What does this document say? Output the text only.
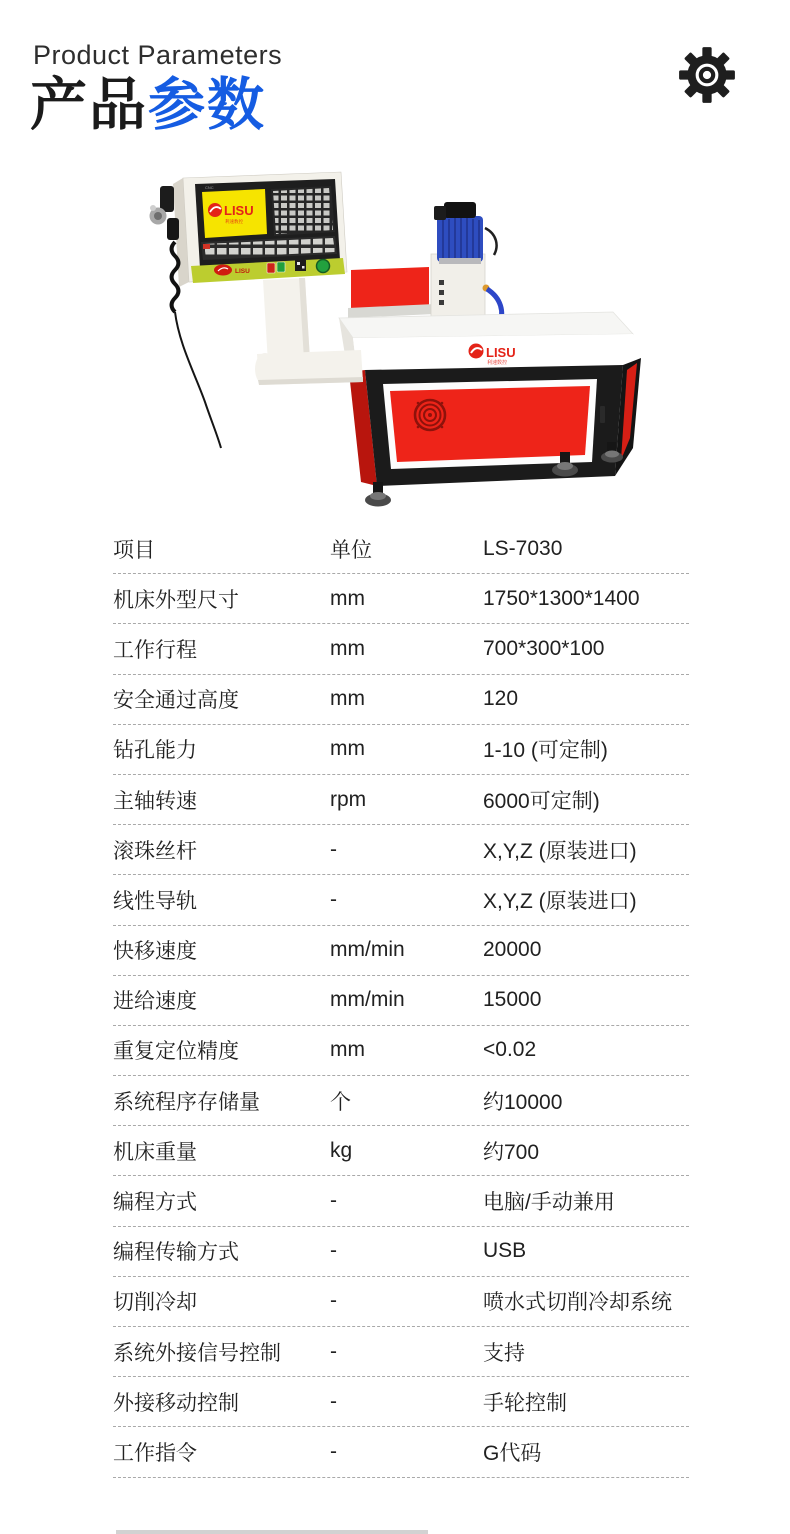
Product Parameters
产品参数
LISU
利速数控
CNC
LISU
利速数控
LISU
项目	单位	LS-7030
机床外型尺寸	mm	1750*1300*1400
工作行程	mm	700*300*100
安全通过高度	mm	120
钻孔能力	mm	1-10 (可定制)
主轴转速	rpm	6000可定制)
滚珠丝杆	-	X,Y,Z (原装进口)
线性导轨	-	X,Y,Z (原装进口)
快移速度	mm/min	20000
进给速度	mm/min	15000
重复定位精度	mm	<0.02
系统程序存储量	个	约10000
机床重量	kg	约700
编程方式	-	电脑/手动兼用
编程传输方式	-	USB
切削冷却	-	喷水式切削冷却系统
系统外接信号控制	-	支持
外接移动控制	-	手轮控制
工作指令	-	G代码
